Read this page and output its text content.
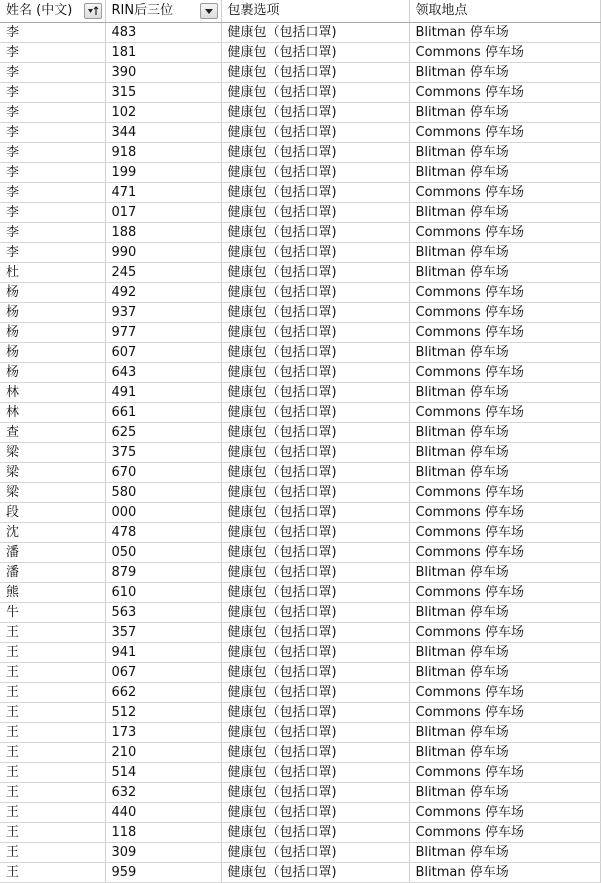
姓名 (中文)	RIN后三位	包裹选项	领取地点
李	483	健康包（包括口罩)	Blitman 停车场
李	181	健康包（包括口罩)	Commons 停车场
李	390	健康包（包括口罩)	Blitman 停车场
李	315	健康包（包括口罩)	Commons 停车场
李	102	健康包（包括口罩)	Blitman 停车场
李	344	健康包（包括口罩)	Commons 停车场
李	918	健康包（包括口罩)	Blitman 停车场
李	199	健康包（包括口罩)	Blitman 停车场
李	471	健康包（包括口罩)	Commons 停车场
李	017	健康包（包括口罩)	Blitman 停车场
李	188	健康包（包括口罩)	Commons 停车场
李	990	健康包（包括口罩)	Blitman 停车场
杜	245	健康包（包括口罩)	Blitman 停车场
杨	492	健康包（包括口罩)	Commons 停车场
杨	937	健康包（包括口罩)	Commons 停车场
杨	977	健康包（包括口罩)	Commons 停车场
杨	607	健康包（包括口罩)	Blitman 停车场
杨	643	健康包（包括口罩)	Commons 停车场
林	491	健康包（包括口罩)	Blitman 停车场
林	661	健康包（包括口罩)	Commons 停车场
查	625	健康包（包括口罩)	Blitman 停车场
梁	375	健康包（包括口罩)	Blitman 停车场
梁	670	健康包（包括口罩)	Blitman 停车场
梁	580	健康包（包括口罩)	Commons 停车场
段	000	健康包（包括口罩)	Commons 停车场
沈	478	健康包（包括口罩)	Commons 停车场
潘	050	健康包（包括口罩)	Commons 停车场
潘	879	健康包（包括口罩)	Blitman 停车场
熊	610	健康包（包括口罩)	Commons 停车场
牛	563	健康包（包括口罩)	Blitman 停车场
王	357	健康包（包括口罩)	Commons 停车场
王	941	健康包（包括口罩)	Blitman 停车场
王	067	健康包（包括口罩)	Blitman 停车场
王	662	健康包（包括口罩)	Commons 停车场
王	512	健康包（包括口罩)	Commons 停车场
王	173	健康包（包括口罩)	Blitman 停车场
王	210	健康包（包括口罩)	Blitman 停车场
王	514	健康包（包括口罩)	Commons 停车场
王	632	健康包（包括口罩)	Blitman 停车场
王	440	健康包（包括口罩)	Commons 停车场
王	118	健康包（包括口罩)	Commons 停车场
王	309	健康包（包括口罩)	Blitman 停车场
王	959	健康包（包括口罩)	Blitman 停车场
